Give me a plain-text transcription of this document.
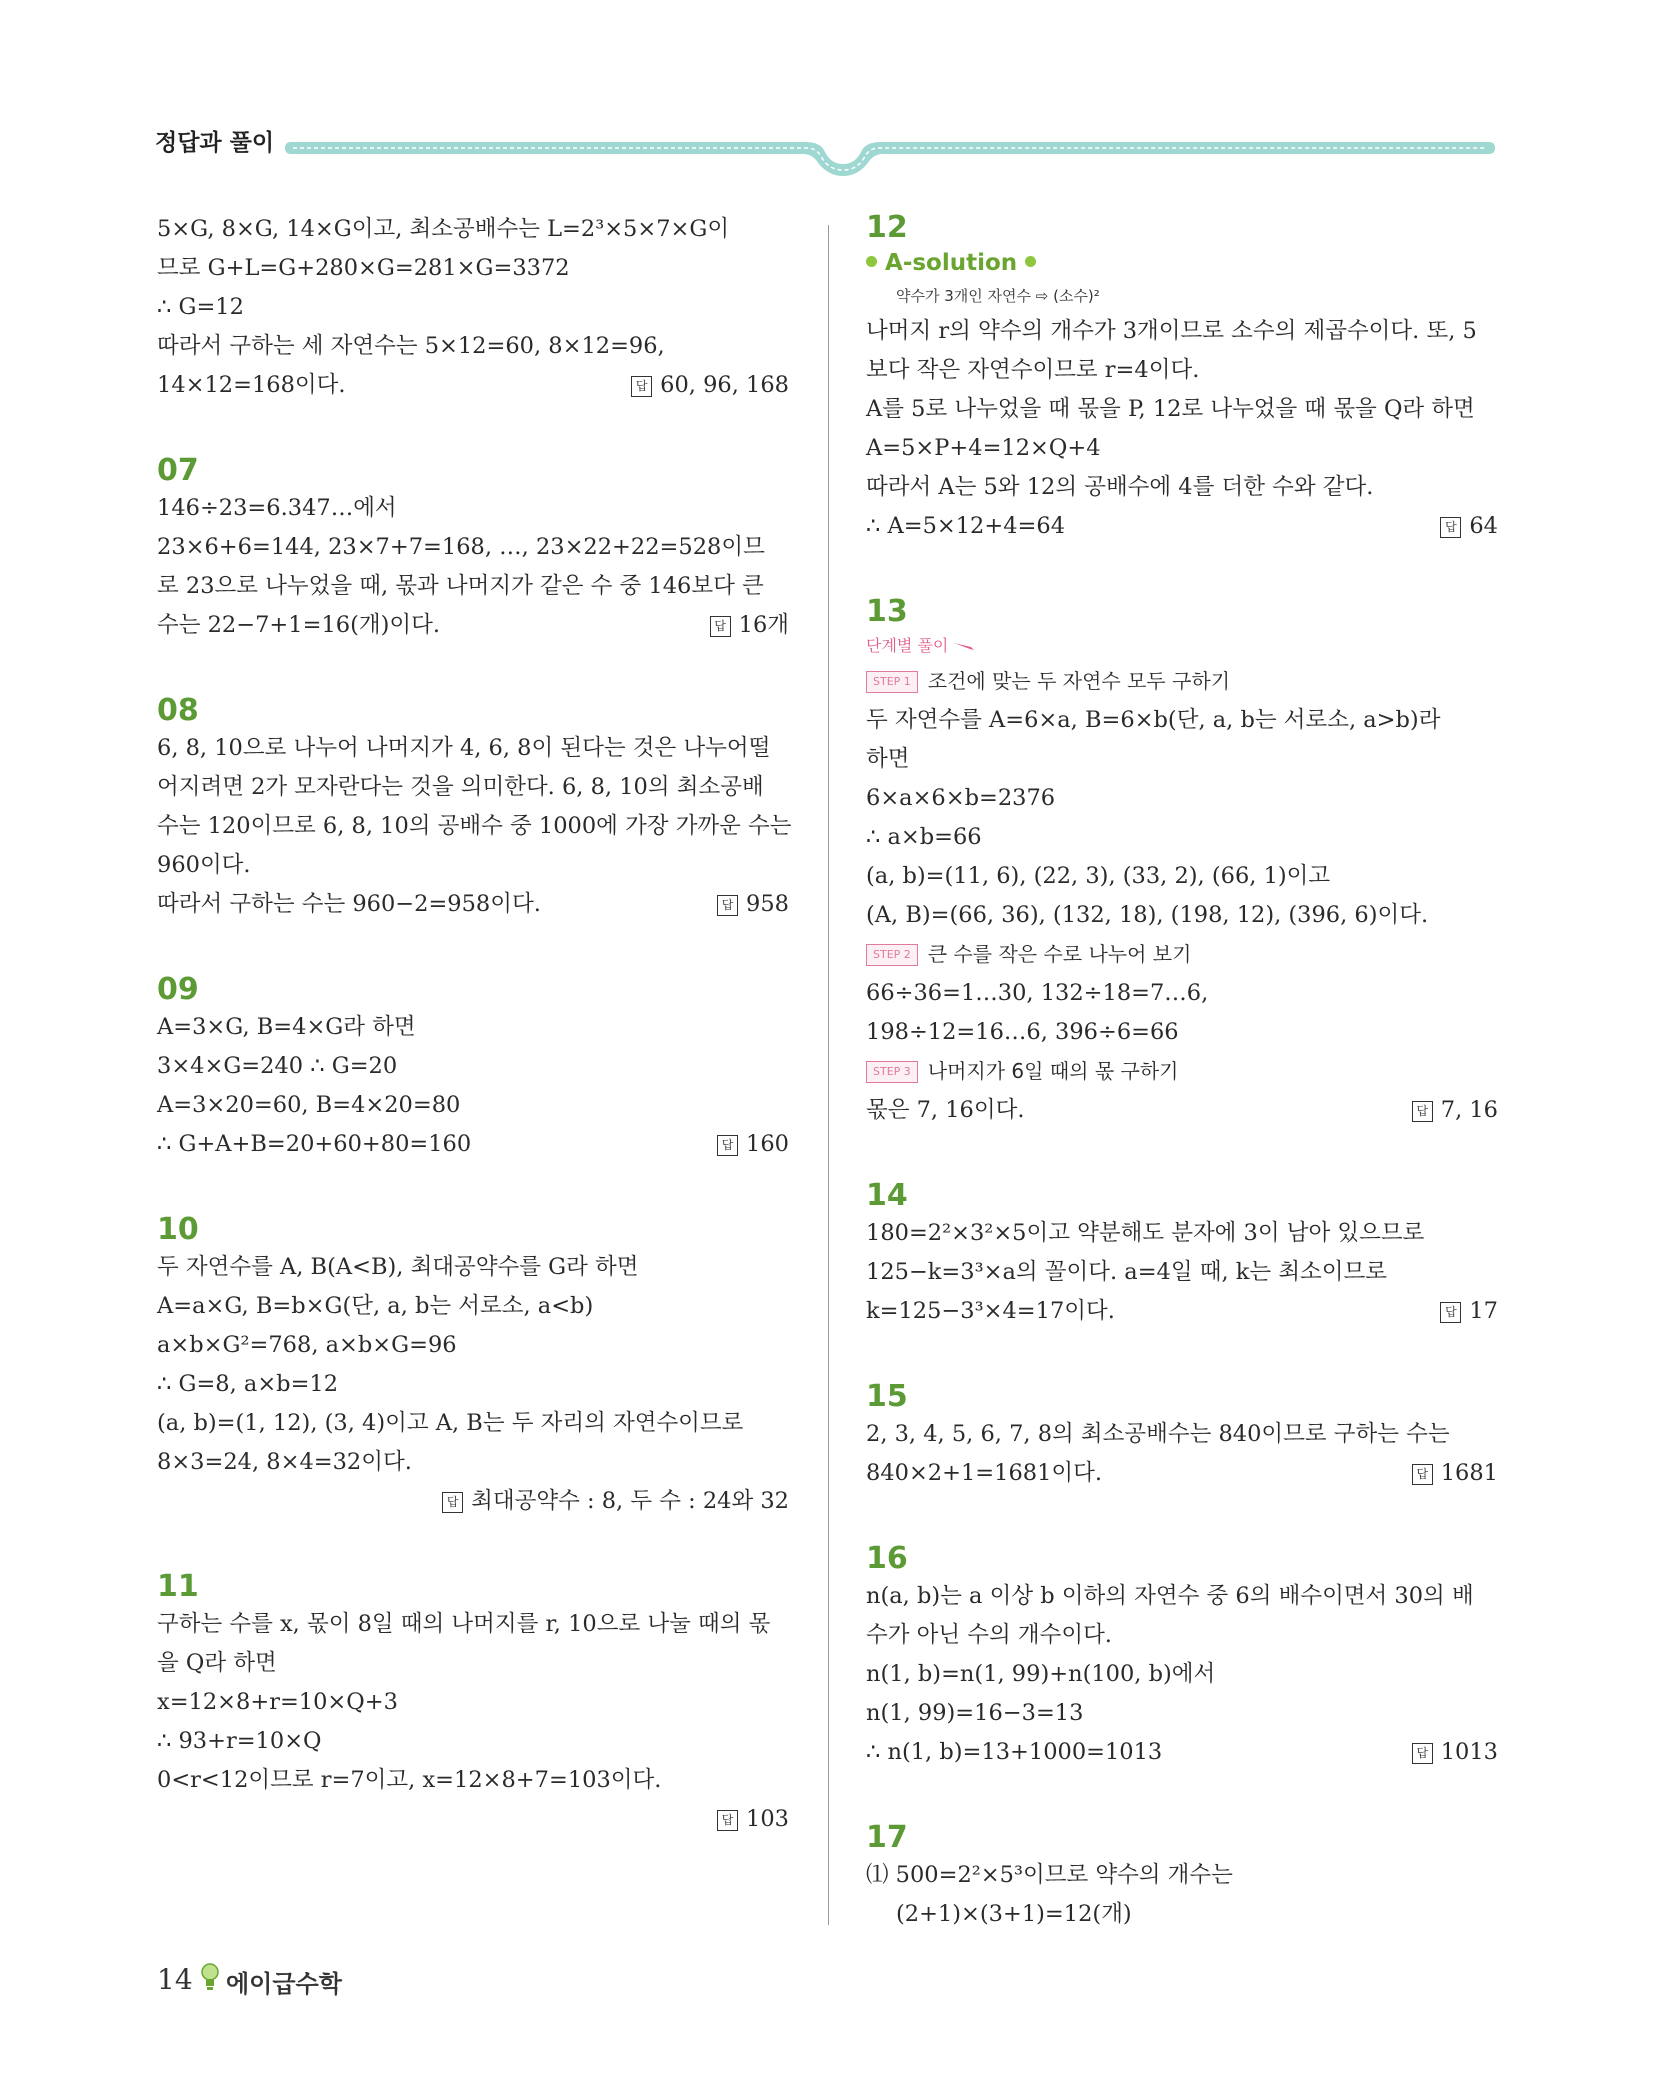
정답과 풀이
5×G, 8×G, 14×G이고, 최소공배수는 L=2³×5×7×G이
므로 G+L=G+280×G=281×G=3372
∴ G=12
따라서 구하는 세 자연수는 5×12=60, 8×12=96,
14×12=168이다.	답 60, 96, 168
07
146÷23=6.347…에서
23×6+6=144, 23×7+7=168, …, 23×22+22=528이므
로 23으로 나누었을 때, 몫과 나머지가 같은 수 중 146보다 큰
수는 22−7+1=16(개)이다.	답 16개
08
6, 8, 10으로 나누어 나머지가 4, 6, 8이 된다는 것은 나누어떨
어지려면 2가 모자란다는 것을 의미한다. 6, 8, 10의 최소공배
수는 120이므로 6, 8, 10의 공배수 중 1000에 가장 가까운 수는
960이다.
따라서 구하는 수는 960−2=958이다.	답 958
09
A=3×G, B=4×G라 하면
3×4×G=240 ∴ G=20
A=3×20=60, B=4×20=80
∴ G+A+B=20+60+80=160	답 160
10
두 자연수를 A, B(A<B), 최대공약수를 G라 하면
A=a×G, B=b×G(단, a, b는 서로소, a<b)
a×b×G²=768, a×b×G=96
∴ G=8, a×b=12
(a, b)=(1, 12), (3, 4)이고 A, B는 두 자리의 자연수이므로
8×3=24, 8×4=32이다.
답 최대공약수 : 8, 두 수 : 24와 32
11
구하는 수를 x, 몫이 8일 때의 나머지를 r, 10으로 나눌 때의 몫
을 Q라 하면
x=12×8+r=10×Q+3
∴ 93+r=10×Q
0<r<12이므로 r=7이고, x=12×8+7=103이다.
답 103
12
A-solution
약수가 3개인 자연수 ⇨ (소수)²
나머지 r의 약수의 개수가 3개이므로 소수의 제곱수이다. 또, 5
보다 작은 자연수이므로 r=4이다.
A를 5로 나누었을 때 몫을 P, 12로 나누었을 때 몫을 Q라 하면
A=5×P+4=12×Q+4
따라서 A는 5와 12의 공배수에 4를 더한 수와 같다.
∴ A=5×12+4=64	답 64
13
단계별 풀이
STEP 1 조건에 맞는 두 자연수 모두 구하기
두 자연수를 A=6×a, B=6×b(단, a, b는 서로소, a>b)라
하면
6×a×6×b=2376
∴ a×b=66
(a, b)=(11, 6), (22, 3), (33, 2), (66, 1)이고
(A, B)=(66, 36), (132, 18), (198, 12), (396, 6)이다.
STEP 2 큰 수를 작은 수로 나누어 보기
66÷36=1…30, 132÷18=7…6,
198÷12=16…6, 396÷6=66
STEP 3 나머지가 6일 때의 몫 구하기
몫은 7, 16이다.	답 7, 16
14
180=2²×3²×5이고 약분해도 분자에 3이 남아 있으므로
125−k=3³×a의 꼴이다. a=4일 때, k는 최소이므로
k=125−3³×4=17이다.	답 17
15
2, 3, 4, 5, 6, 7, 8의 최소공배수는 840이므로 구하는 수는
840×2+1=1681이다.	답 1681
16
n(a, b)는 a 이상 b 이하의 자연수 중 6의 배수이면서 30의 배
수가 아닌 수의 개수이다.
n(1, b)=n(1, 99)+n(100, b)에서
n(1, 99)=16−3=13
∴ n(1, b)=13+1000=1013	답 1013
17
⑴ 500=2²×5³이므로 약수의 개수는
(2+1)×(3+1)=12(개)
14 에이급수학
